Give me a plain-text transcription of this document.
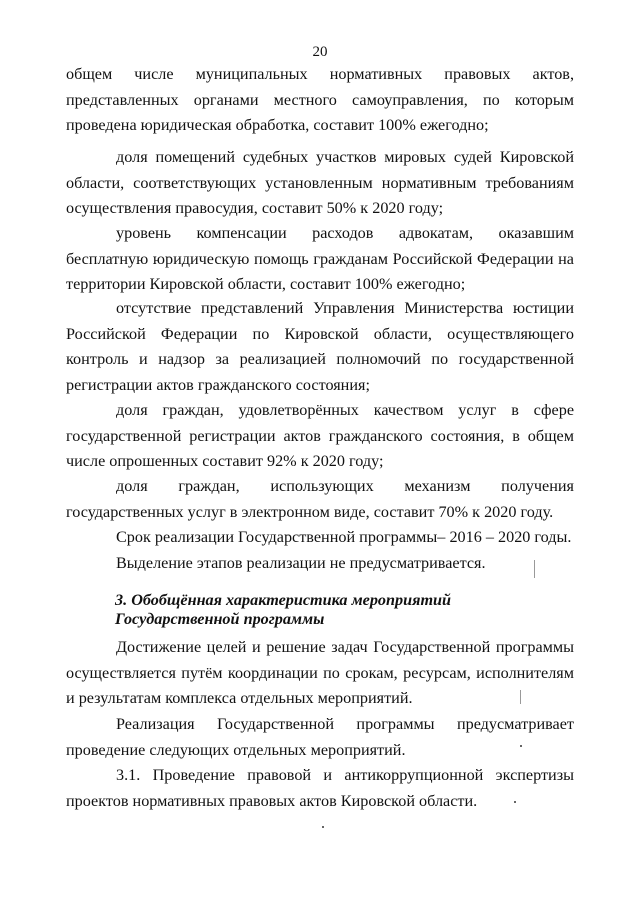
20

общем числе муниципальных нормативных правовых актов, представленных органами местного самоуправления, по которым проведена юридическая обработка, составит 100% ежегодно;

доля помещений судебных участков мировых судей Кировской области, соответствующих установленным нормативным требованиям осуществления правосудия, составит 50% к 2020 году;

уровень компенсации расходов адвокатам, оказавшим бесплатную юридическую помощь гражданам Российской Федерации на территории Кировской области, составит 100% ежегодно;

отсутствие представлений Управления Министерства юстиции Российской Федерации по Кировской области, осуществляющего контроль и надзор за реализацией полномочий по государственной регистрации актов гражданского состояния;

доля граждан, удовлетворённых качеством услуг в сфере государственной регистрации актов гражданского состояния, в общем числе опрошенных составит 92% к 2020 году;

доля граждан, использующих механизм получения государственных услуг в электронном виде, составит 70% к 2020 году.

Срок реализации Государственной программы– 2016 – 2020 годы.

Выделение этапов реализации не предусматривается.

3. Обобщённая характеристика мероприятий Государственной программы

Достижение целей и решение задач Государственной программы осуществляется путём координации по срокам, ресурсам, исполнителям и результатам комплекса отдельных мероприятий.

Реализация Государственной программы предусматривает проведение следующих отдельных мероприятий.

3.1. Проведение правовой и антикоррупционной экспертизы проектов нормативных правовых актов Кировской области.
